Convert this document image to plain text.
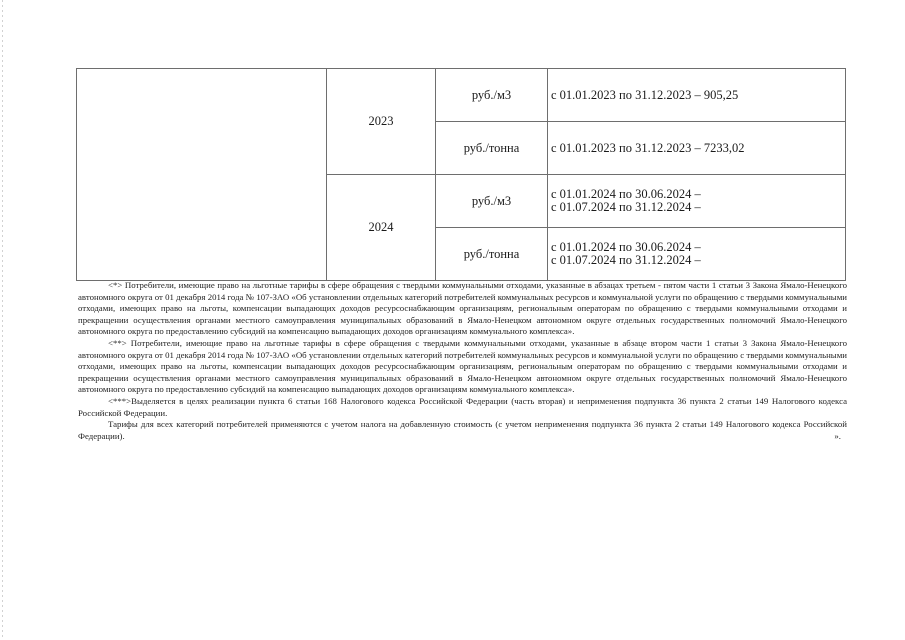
	2023	руб./м3	с 01.01.2023 по 31.12.2023 – 905,25

		руб./тонна	с 01.01.2023 по 31.12.2023 – 7233,02

	2024	руб./м3	с 01.01.2024 по 30.06.2024 –
с 01.07.2024 по 31.12.2024 –

		руб./тонна	с 01.01.2024 по 30.06.2024 –
с 01.07.2024 по 31.12.2024 –

<*> Потребители, имеющие право на льготные тарифы в сфере обращения с твердыми коммунальными отходами, указанные в абзацах третьем - пятом части 1 статьи 3 Закона Ямало-Ненецкого автономного округа от 01 декабря 2014 года № 107-ЗАО «Об установлении отдельных категорий потребителей коммунальных ресурсов и коммунальной услуги по обращению с твердыми коммунальными отходами, имеющих право на льготы, компенсации выпадающих доходов ресурсоснабжающим организациям, региональным операторам по обращению с твердыми коммунальными отходами и прекращении осуществления органами местного самоуправления муниципальных образований в Ямало-Ненецком автономном округе отдельных государственных полномочий Ямало-Ненецкого автономного округа по предоставлению субсидий на компенсацию выпадающих доходов организациям коммунального комплекса».

<**> Потребители, имеющие право на льготные тарифы в сфере обращения с твердыми коммунальными отходами, указанные в абзаце втором части 1 статьи 3 Закона Ямало-Ненецкого автономного округа от 01 декабря 2014 года № 107-ЗАО «Об установлении отдельных категорий потребителей коммунальных ресурсов и коммунальной услуги по обращению с твердыми коммунальными отходами, имеющих право на льготы, компенсации выпадающих доходов ресурсоснабжающим организациям, региональным операторам по обращению с твердыми коммунальными отходами и прекращении осуществления органами местного самоуправления муниципальных образований в Ямало-Ненецком автономном округе отдельных государственных полномочий Ямало-Ненецкого автономного округа по предоставлению субсидий на компенсацию выпадающих доходов организациям коммунального комплекса».

<***>Выделяется в целях реализации пункта 6 статьи 168 Налогового кодекса Российской Федерации (часть вторая) и неприменения подпункта 36 пункта 2 статьи 149 Налогового кодекса Российской Федерации.

Тарифы для всех категорий потребителей применяются с учетом налога на добавленную стоимость (с учетом неприменения подпункта 36 пункта 2 статьи 149 Налогового кодекса Российской Федерации).	».
